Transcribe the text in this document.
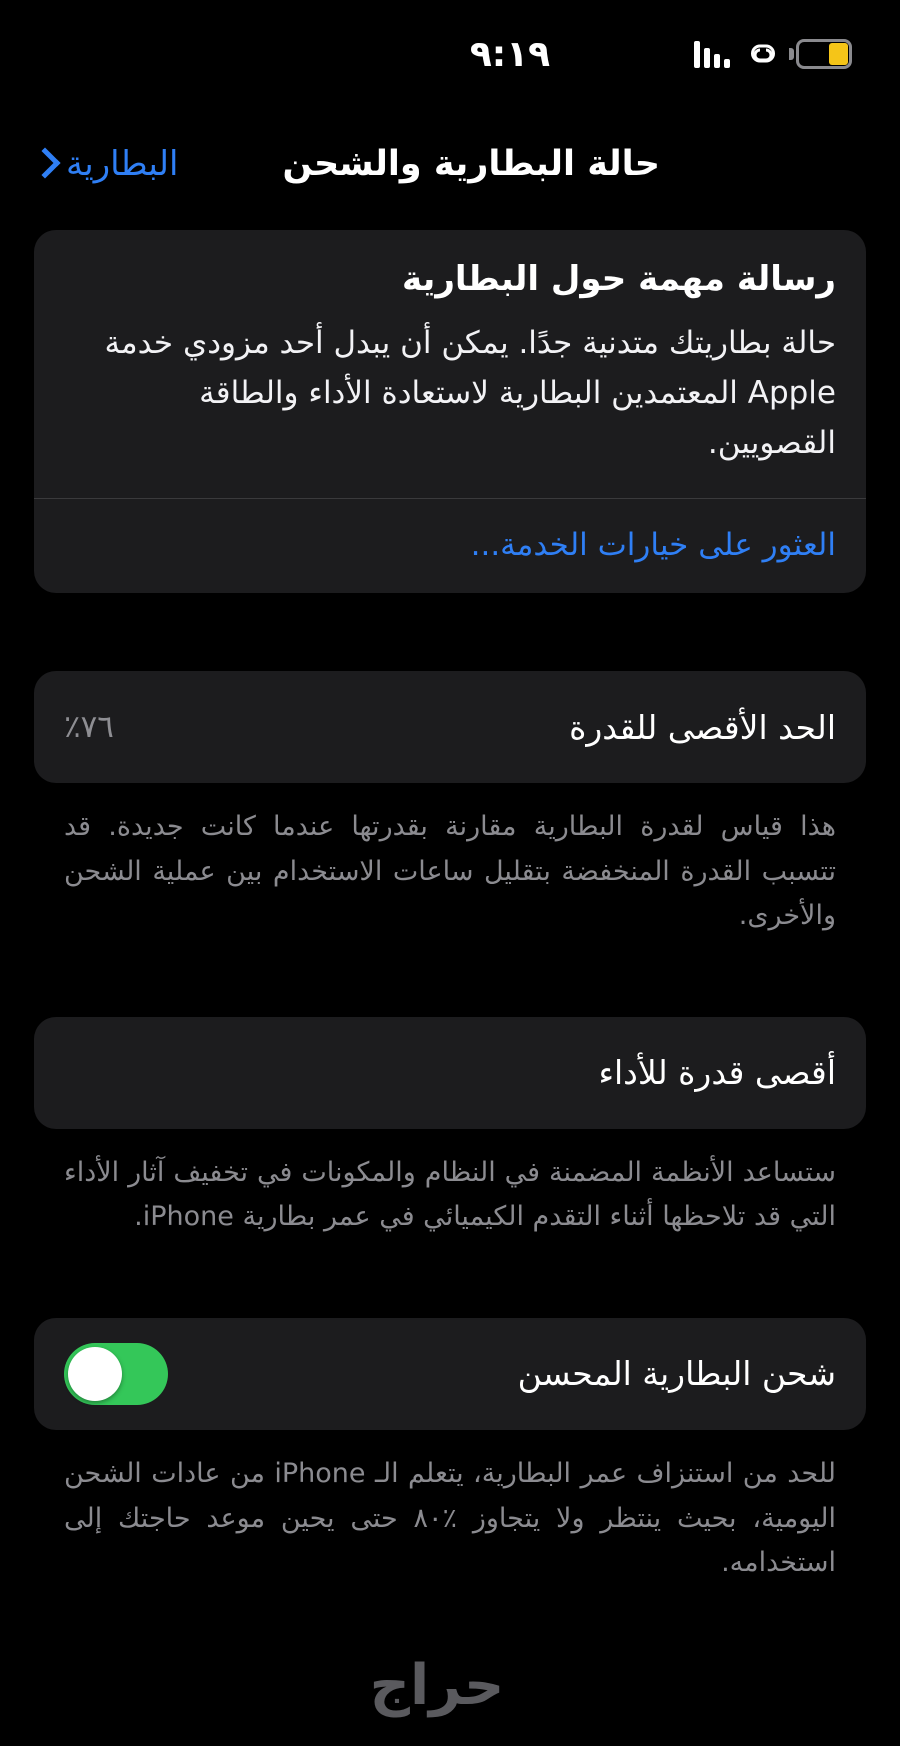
٩:١٩
حالة البطارية والشحن
البطارية
رسالة مهمة حول البطارية
حالة بطاريتك متدنية جدًا. يمكن أن يبدل أحد مزودي خدمة Apple المعتمدين البطارية لاستعادة الأداء والطاقة القصويين.
العثور على خيارات الخدمة...
الحد الأقصى للقدرة
٪٧٦
هذا قياس لقدرة البطارية مقارنة بقدرتها عندما كانت جديدة. قد تتسبب القدرة المنخفضة بتقليل ساعات الاستخدام بين عملية الشحن والأخرى.
أقصى قدرة للأداء
ستساعد الأنظمة المضمنة في النظام والمكونات في تخفيف آثار الأداء التي قد تلاحظها أثناء التقدم الكيميائي في عمر بطارية iPhone.
شحن البطارية المحسن
للحد من استنزاف عمر البطارية، يتعلم الـ iPhone من عادات الشحن اليومية، بحيث ينتظر ولا يتجاوز ٪٨٠ حتى يحين موعد حاجتك إلى استخدامه.
حراج
